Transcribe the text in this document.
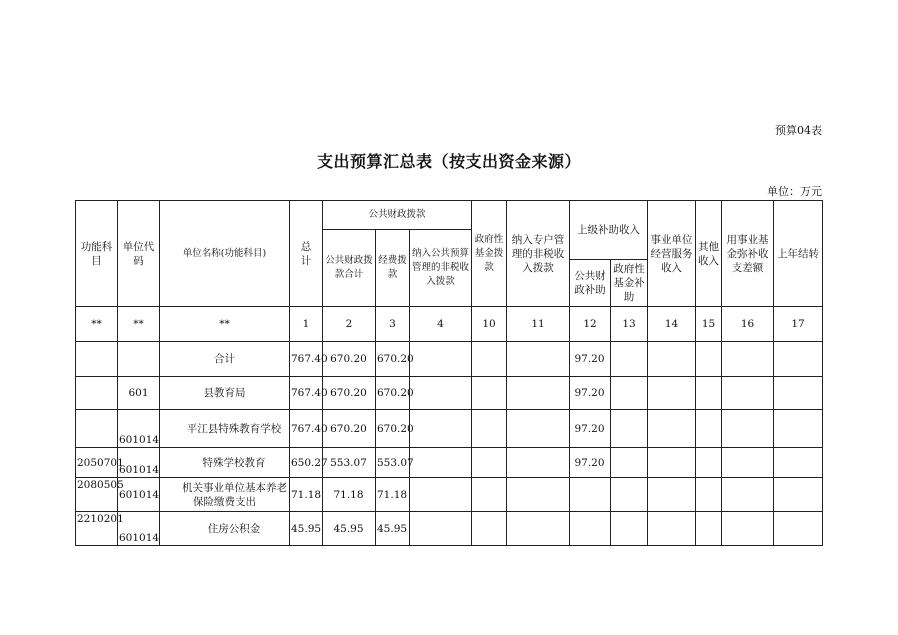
预算04表
支出预算汇总表（按支出资金来源）
单位：万元
功能科目	单位代码	单位名称(功能科目)	总　计	公共财政拨款			政府性基金拨款	纳入专户管理的非税收入拨款	上级补助收入		事业单位经营服务收入	其他收入	用事业基金弥补收支差额	上年结转
				公共财政拨款合计	经费拨款	纳入公共预算管理的非税收入拨款								
									公共财政补助	政府性基金补助				
**	**	**	1	2	3	4	10	11	12	13	14	15	16	17
		合计	767.40	670.20	670.20				97.20					
	601	县教育局	767.40	670.20	670.20				97.20					
	601014	平江县特殊教育学校	767.40	670.20	670.20				97.20					
2050701	601014	特殊学校教育	650.27	553.07	553.07				97.20					
2080505	601014	机关事业单位基本养老
保险缴费支出	71.18	71.18	71.18									
2210201	601014	住房公积金	45.95	45.95	45.95									
